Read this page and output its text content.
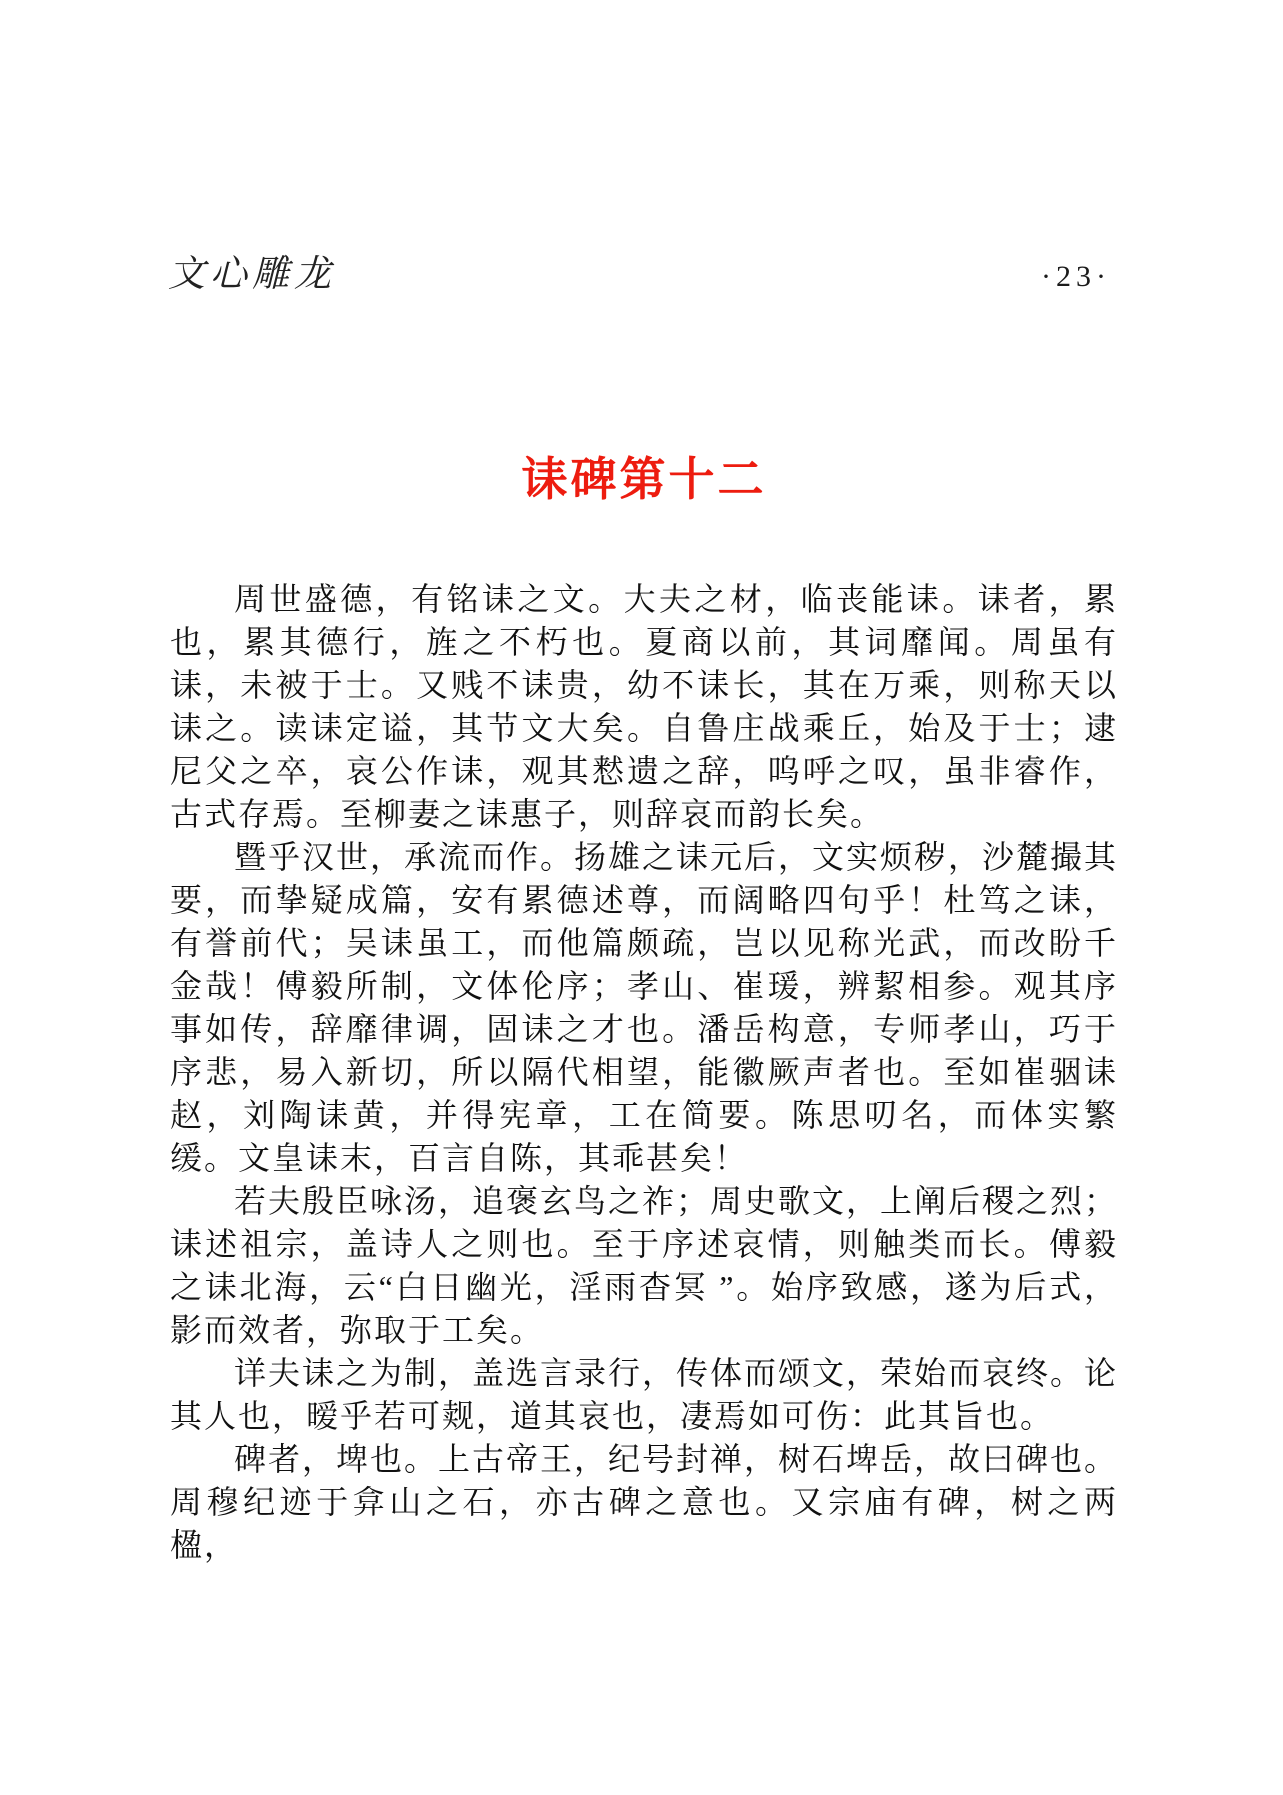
文心雕龙	·23·
诔碑第十二

周世盛德，有铭诔之文。大夫之材，临丧能诔。诔者，累也，累其德行，旌之不朽也。夏商以前，其词靡闻。周虽有诔，未被于士。又贱不诔贵，幼不诔长，其在万乘，则称天以诔之。读诔定谥，其节文大矣。自鲁庄战乘丘，始及于士；逮尼父之卒，哀公作诔，观其慭遗之辞，呜呼之叹，虽非睿作，古式存焉。至柳妻之诔惠子，则辞哀而韵长矣。

暨乎汉世，承流而作。扬雄之诔元后，文实烦秽，沙麓撮其要，而挚疑成篇，安有累德述尊，而阔略四句乎！杜笃之诔，有誉前代；吴诔虽工，而他篇颇疏，岂以见称光武，而改盼千金哉！傅毅所制，文体伦序；孝山、崔瑗，辨絜相参。观其序事如传，辞靡律调，固诔之才也。潘岳构意，专师孝山，巧于序悲，易入新切，所以隔代相望，能徽厥声者也。至如崔骃诔赵，刘陶诔黄，并得宪章，工在简要。陈思叨名，而体实繁缓。文皇诔末，百言自陈，其乖甚矣！

若夫殷臣咏汤，追褒玄鸟之祚；周史歌文，上阐后稷之烈；诔述祖宗，盖诗人之则也。至于序述哀情，则触类而长。傅毅之诔北海，云“白日幽光，淫雨杳冥 ”。始序致感，遂为后式，影而效者，弥取于工矣。

详夫诔之为制，盖选言录行，传体而颂文，荣始而哀终。论其人也，暧乎若可觌，道其哀也，凄焉如可伤：此其旨也。

碑者，埤也。上古帝王，纪号封禅，树石埤岳，故曰碑也。周穆纪迹于弇山之石，亦古碑之意也。又宗庙有碑，树之两楹，
